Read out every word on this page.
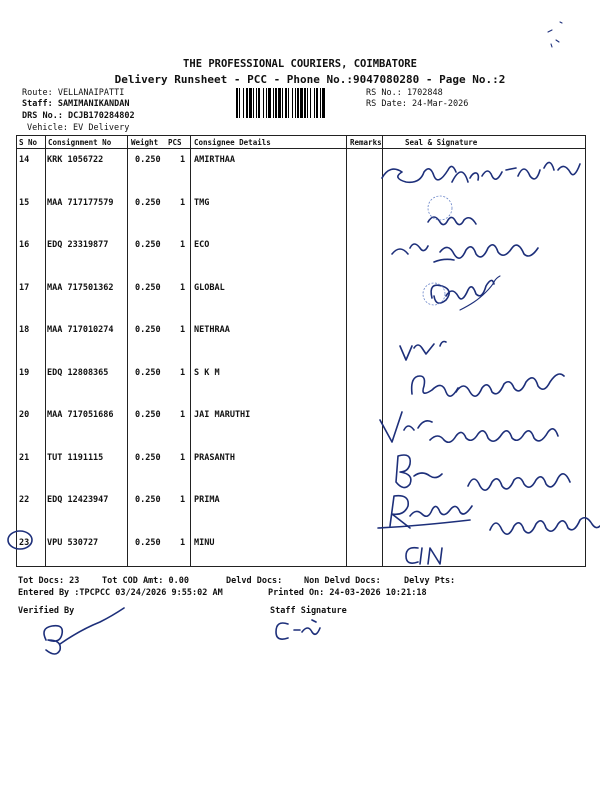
THE PROFESSIONAL COURIERS, COIMBATORE
Delivery Runsheet - PCC - Phone No.:9047080280 - Page No.:2
Route: VELLANAIPATTI
Staff: SAMIMANIKANDAN
DRS No.: DCJB170284802
Vehicle: EV Delivery
RS No.: 1702848
RS Date: 24-Mar-2026
S No Consignment No	Weight PCS Consignee Details	Remarks	Seal & Signature
14 KRK 1056722	0.250 1 AMIRTHAA
15 MAA 717177579	0.250 1 TMG
16 EDQ 23319877	0.250 1 ECO
17 MAA 717501362	0.250 1 GLOBAL
18 MAA 717010274	0.250 1 NETHRAA
19 EDQ 12808365	0.250 1 S K M
20 MAA 717051686	0.250 1 JAI MARUTHI
21 TUT 1191115	0.250 1 PRASANTH
22 EDQ 12423947	0.250 1 PRIMA
23 VPU 530727	0.250 1 MINU
Tot Docs: 23	Tot COD Amt: 0.00	Delvd Docs:	Non Delvd Docs:	Delvy Pts:
Entered By :TPCPCC 03/24/2026 9:55:02 AM	Printed On: 24-03-2026 10:21:18
Verified By	Staff Signature
